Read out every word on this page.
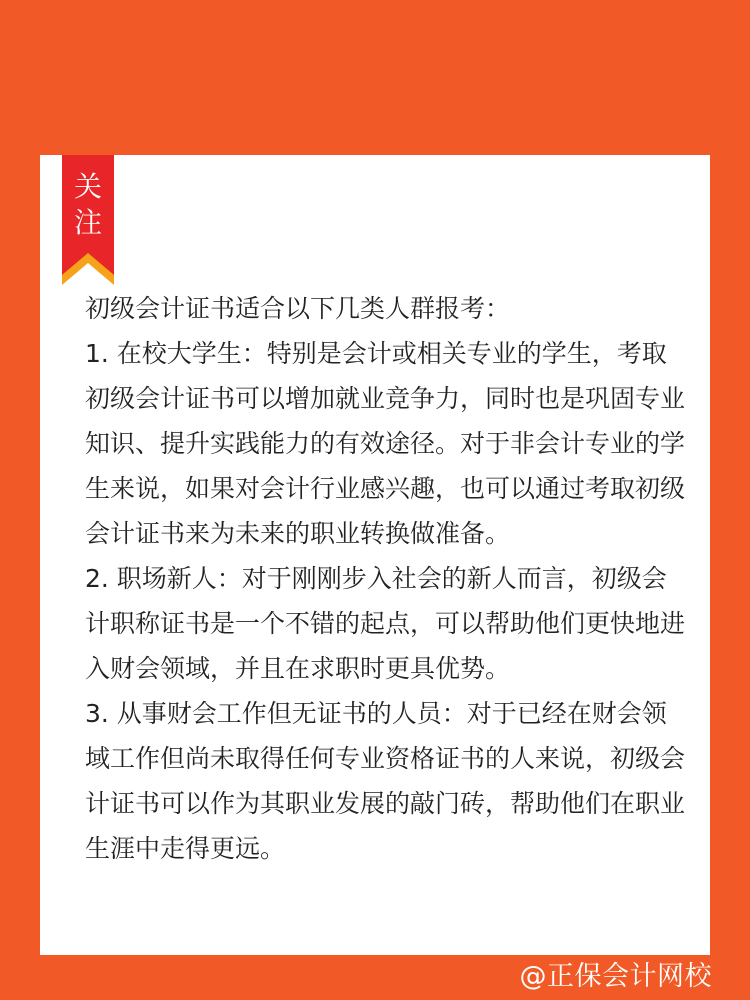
关
注

初级会计证书适合以下几类人群报考：

1. 在校大学生：特别是会计或相关专业的学生，考取初级会计证书可以增加就业竞争力，同时也是巩固专业知识、提升实践能力的有效途径。对于非会计专业的学生来说，如果对会计行业感兴趣，也可以通过考取初级会计证书来为未来的职业转换做准备。

2. 职场新人：对于刚刚步入社会的新人而言，初级会计职称证书是一个不错的起点，可以帮助他们更快地进入财会领域，并且在求职时更具优势。

3. 从事财会工作但无证书的人员：对于已经在财会领域工作但尚未取得任何专业资格证书的人来说，初级会计证书可以作为其职业发展的敲门砖，帮助他们在职业生涯中走得更远。

@正保会计网校
